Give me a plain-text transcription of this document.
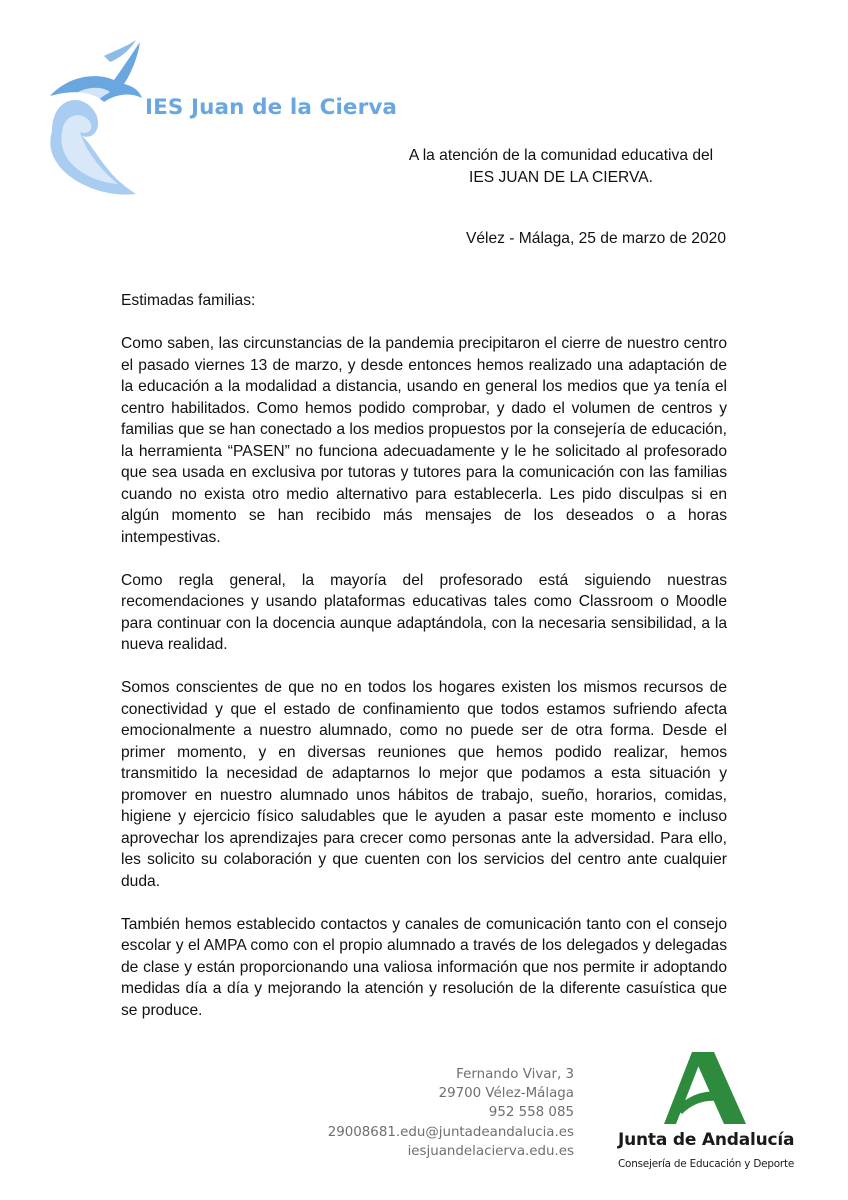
IES Juan de la Cierva
A la atención de la comunidad educativa del
IES JUAN DE LA CIERVA.
Vélez - Málaga, 25 de marzo de 2020

Estimadas familias:

Como saben, las circunstancias de la pandemia precipitaron el cierre de nuestro centro el pasado viernes 13 de marzo, y desde entonces hemos realizado una adaptación de la educación a la modalidad a distancia, usando en general los medios que ya tenía el centro habilitados. Como hemos podido comprobar, y dado el volumen de centros y familias que se han conectado a los medios propuestos por la consejería de educación, la herramienta “PASEN” no funciona adecuadamente y le he solicitado al profesorado que sea usada en exclusiva por tutoras y tutores para la comunicación con las familias cuando no exista otro medio alternativo para establecerla. Les pido disculpas si en algún momento se han recibido más mensajes de los deseados o a horas intempestivas.

Como regla general, la mayoría del profesorado está siguiendo nuestras recomendaciones y usando plataformas educativas tales como Classroom o Moodle para continuar con la docencia aunque adaptándola, con la necesaria sensibilidad, a la nueva realidad.

Somos conscientes de que no en todos los hogares existen los mismos recursos de conectividad y que el estado de confinamiento que todos estamos sufriendo afecta emocionalmente a nuestro alumnado, como no puede ser de otra forma. Desde el primer momento, y en diversas reuniones que hemos podido realizar, hemos transmitido la necesidad de adaptarnos lo mejor que podamos a esta situación y promover en nuestro alumnado unos hábitos de trabajo, sueño, horarios, comidas, higiene y ejercicio físico saludables que le ayuden a pasar este momento e incluso aprovechar los aprendizajes para crecer como personas ante la adversidad. Para ello, les solicito su colaboración y que cuenten con los servicios del centro ante cualquier duda.

También hemos establecido contactos y canales de comunicación tanto con el consejo escolar y el AMPA como con el propio alumnado a través de los delegados y delegadas de clase y están proporcionando una valiosa información que nos permite ir adoptando medidas día a día y mejorando la atención y resolución de la diferente casuística que se produce.

Fernando Vivar, 3
29700 Vélez-Málaga
952 558 085
29008681.edu@juntadeandalucia.es
iesjuandelacierva.edu.es
Junta de Andalucía
Consejería de Educación y Deporte
